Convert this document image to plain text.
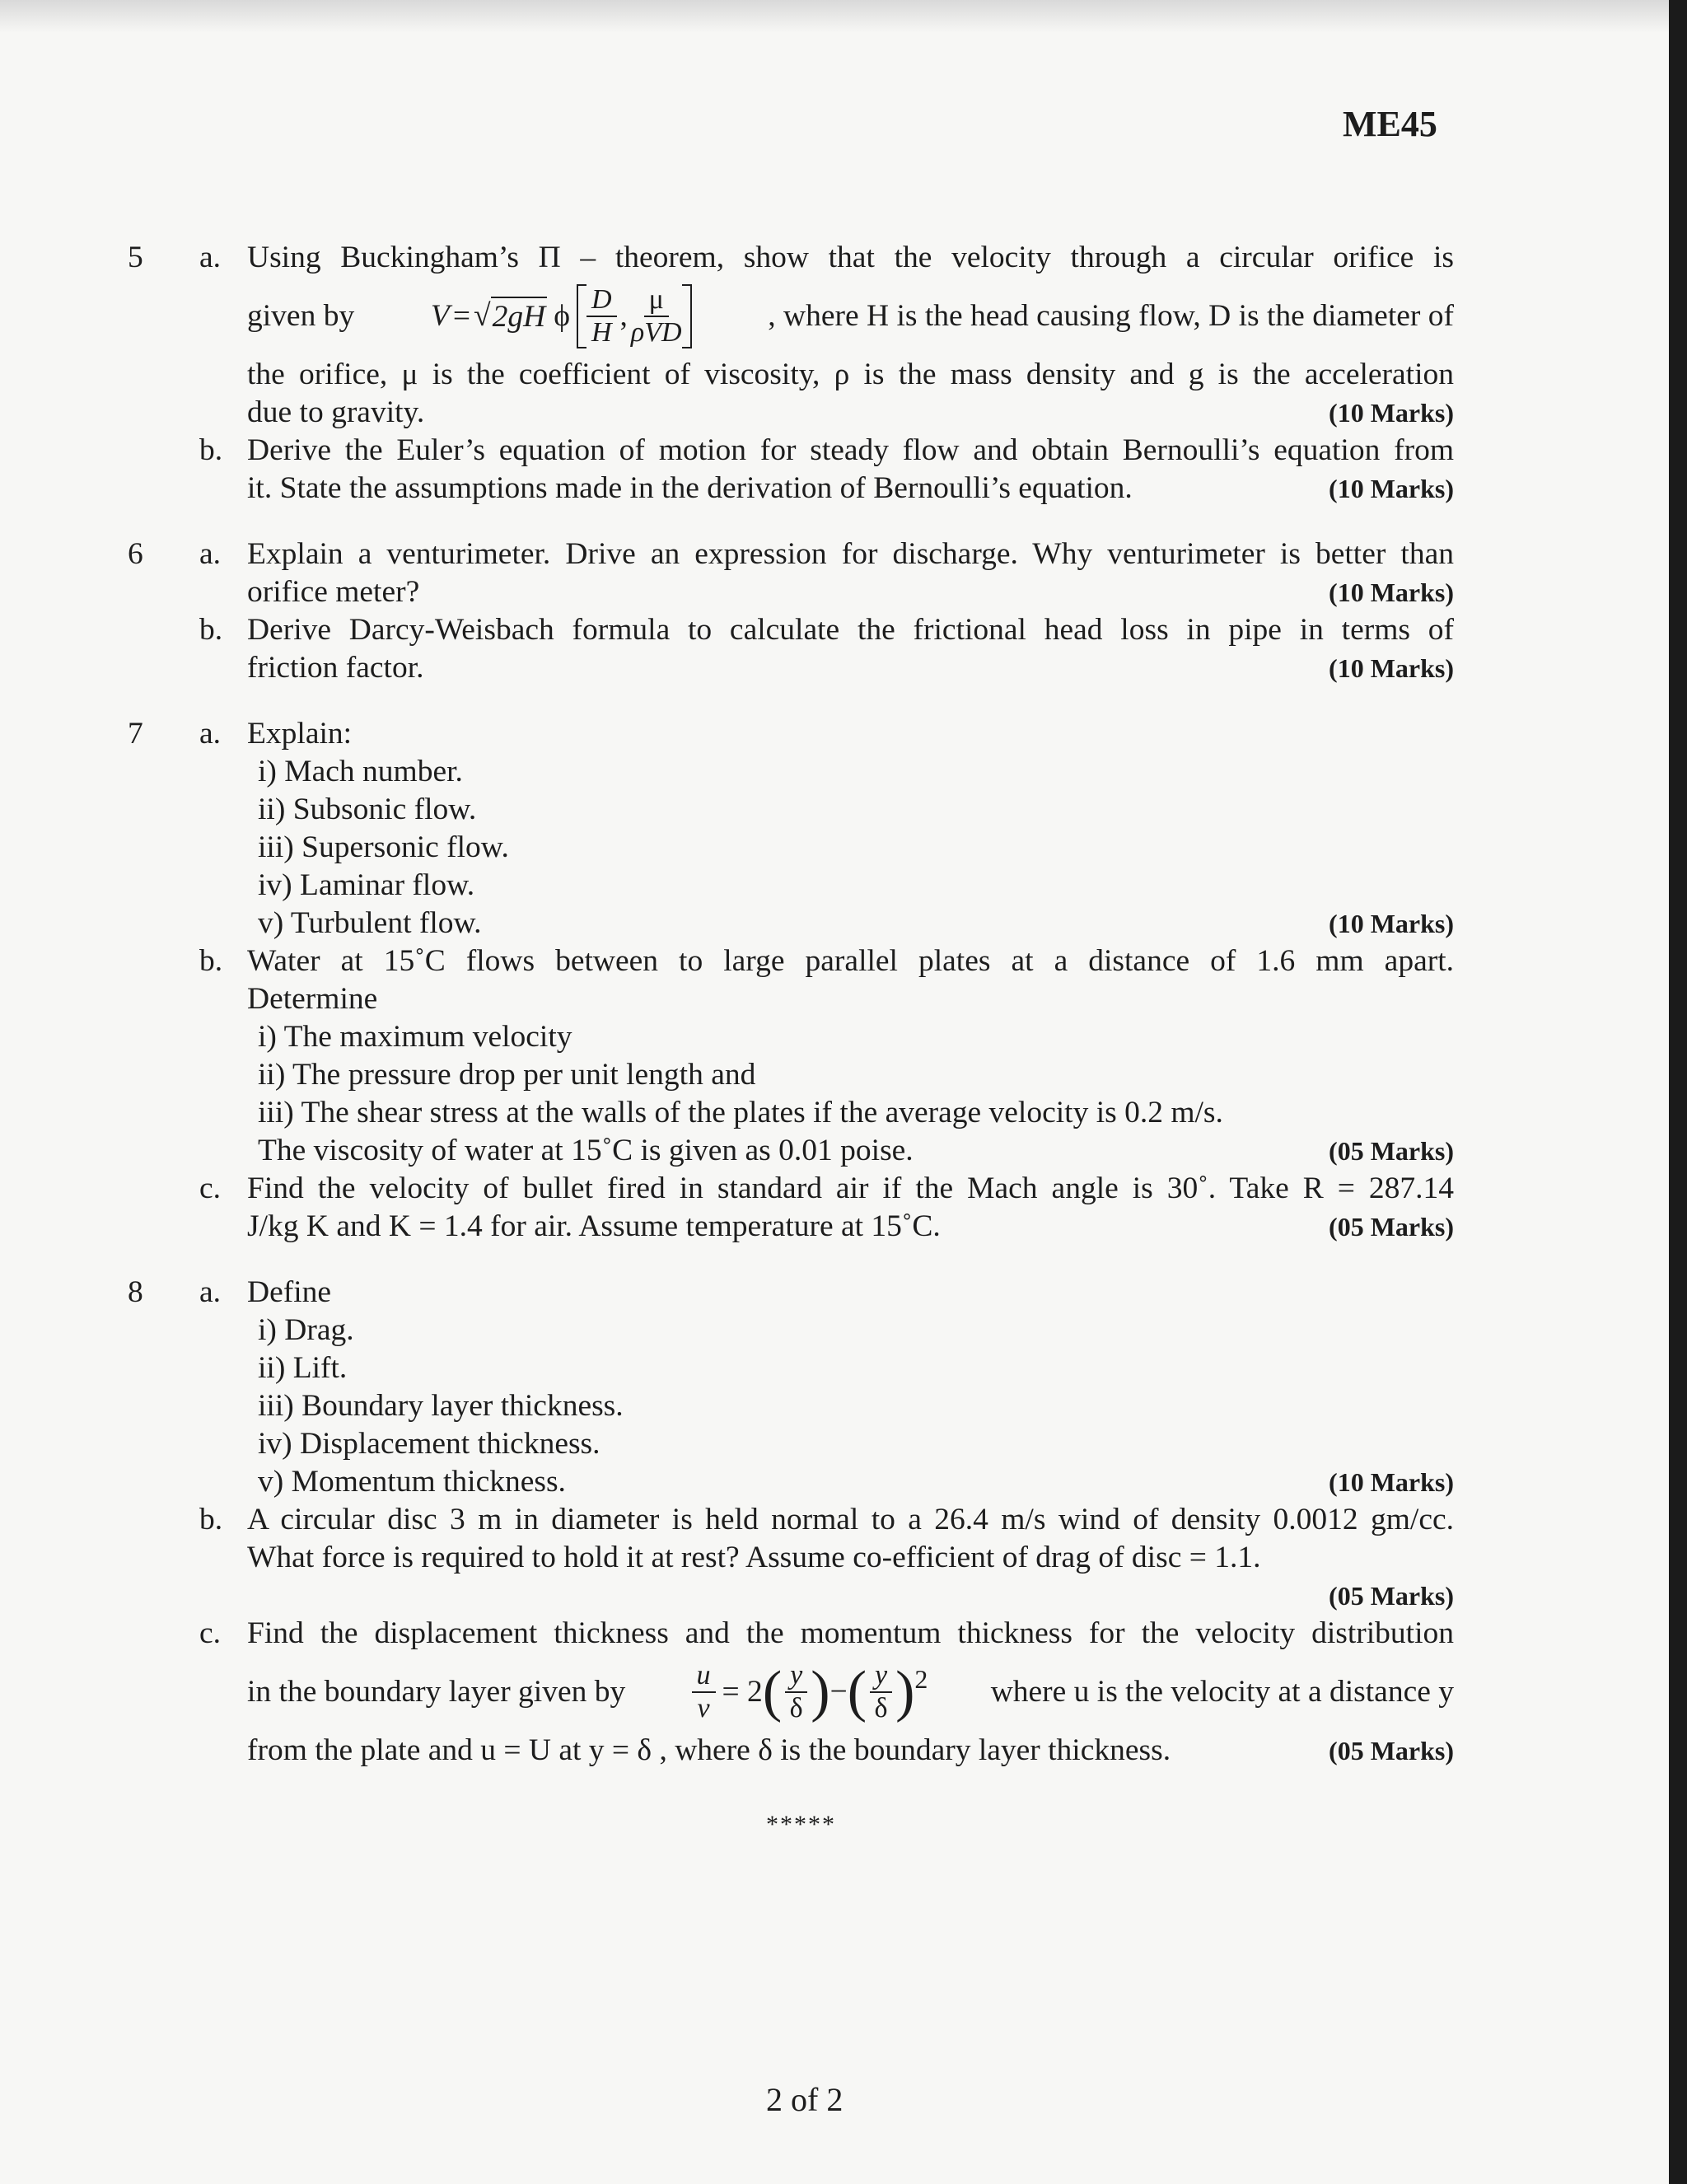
ME45
5	a. Using Buckingham’s Π – theorem, show that the velocity through a circular orifice is
given by V = √ 2gH ϕ $\frac{D}{H}$ , $\frac{\mu}{\text{ρVD}}$	, where H is the head causing flow, D is the diameter of
the orifice, μ is the coefficient of viscosity, ρ is the mass density and g is the acceleration
due to gravity.	(10 Marks)
b. Derive the Euler’s equation of motion for steady flow and obtain Bernoulli’s equation from
it. State the assumptions made in the derivation of Bernoulli’s equation.	(10 Marks)
6	a. Explain a venturimeter. Drive an expression for discharge. Why venturimeter is better than
orifice meter?	(10 Marks)
b. Derive Darcy-Weisbach formula to calculate the frictional head loss in pipe in terms of
friction factor.	(10 Marks)
7	a. Explain:
i) Mach number.
ii) Subsonic flow.
iii) Supersonic flow.
iv) Laminar flow.
v) Turbulent flow.	(10 Marks)
b. Water at 15˚C flows between to large parallel plates at a distance of 1.6 mm apart.
Determine
i) The maximum velocity
ii) The pressure drop per unit length and
iii) The shear stress at the walls of the plates if the average velocity is 0.2 m/s.
The viscosity of water at 15˚C is given as 0.01 poise.	(05 Marks)
c. Find the velocity of bullet fired in standard air if the Mach angle is 30˚. Take R = 287.14
J/kg K and K = 1.4 for air. Assume temperature at 15˚C.	(05 Marks)
8	a. Define
i) Drag.
ii) Lift.
iii) Boundary layer thickness.
iv) Displacement thickness.
v) Momentum thickness.	(10 Marks)
b. A circular disc 3 m in diameter is held normal to a 26.4 m/s wind of density 0.0012 gm/cc.
What force is required to hold it at rest? Assume co-efficient of drag of disc = 1.1.
(05 Marks)
c. Find the displacement thickness and the momentum thickness for the velocity distribution
in the boundary layer given by $\frac{u}{v} = 2$ ( $\frac{y}{\delta}$ ) − ( $\frac{y}{\delta}$ ) 2 where u is the velocity at a distance y
from the plate and u = U at y = δ , where δ is the boundary layer thickness.	(05 Marks)
*****
2 of 2
